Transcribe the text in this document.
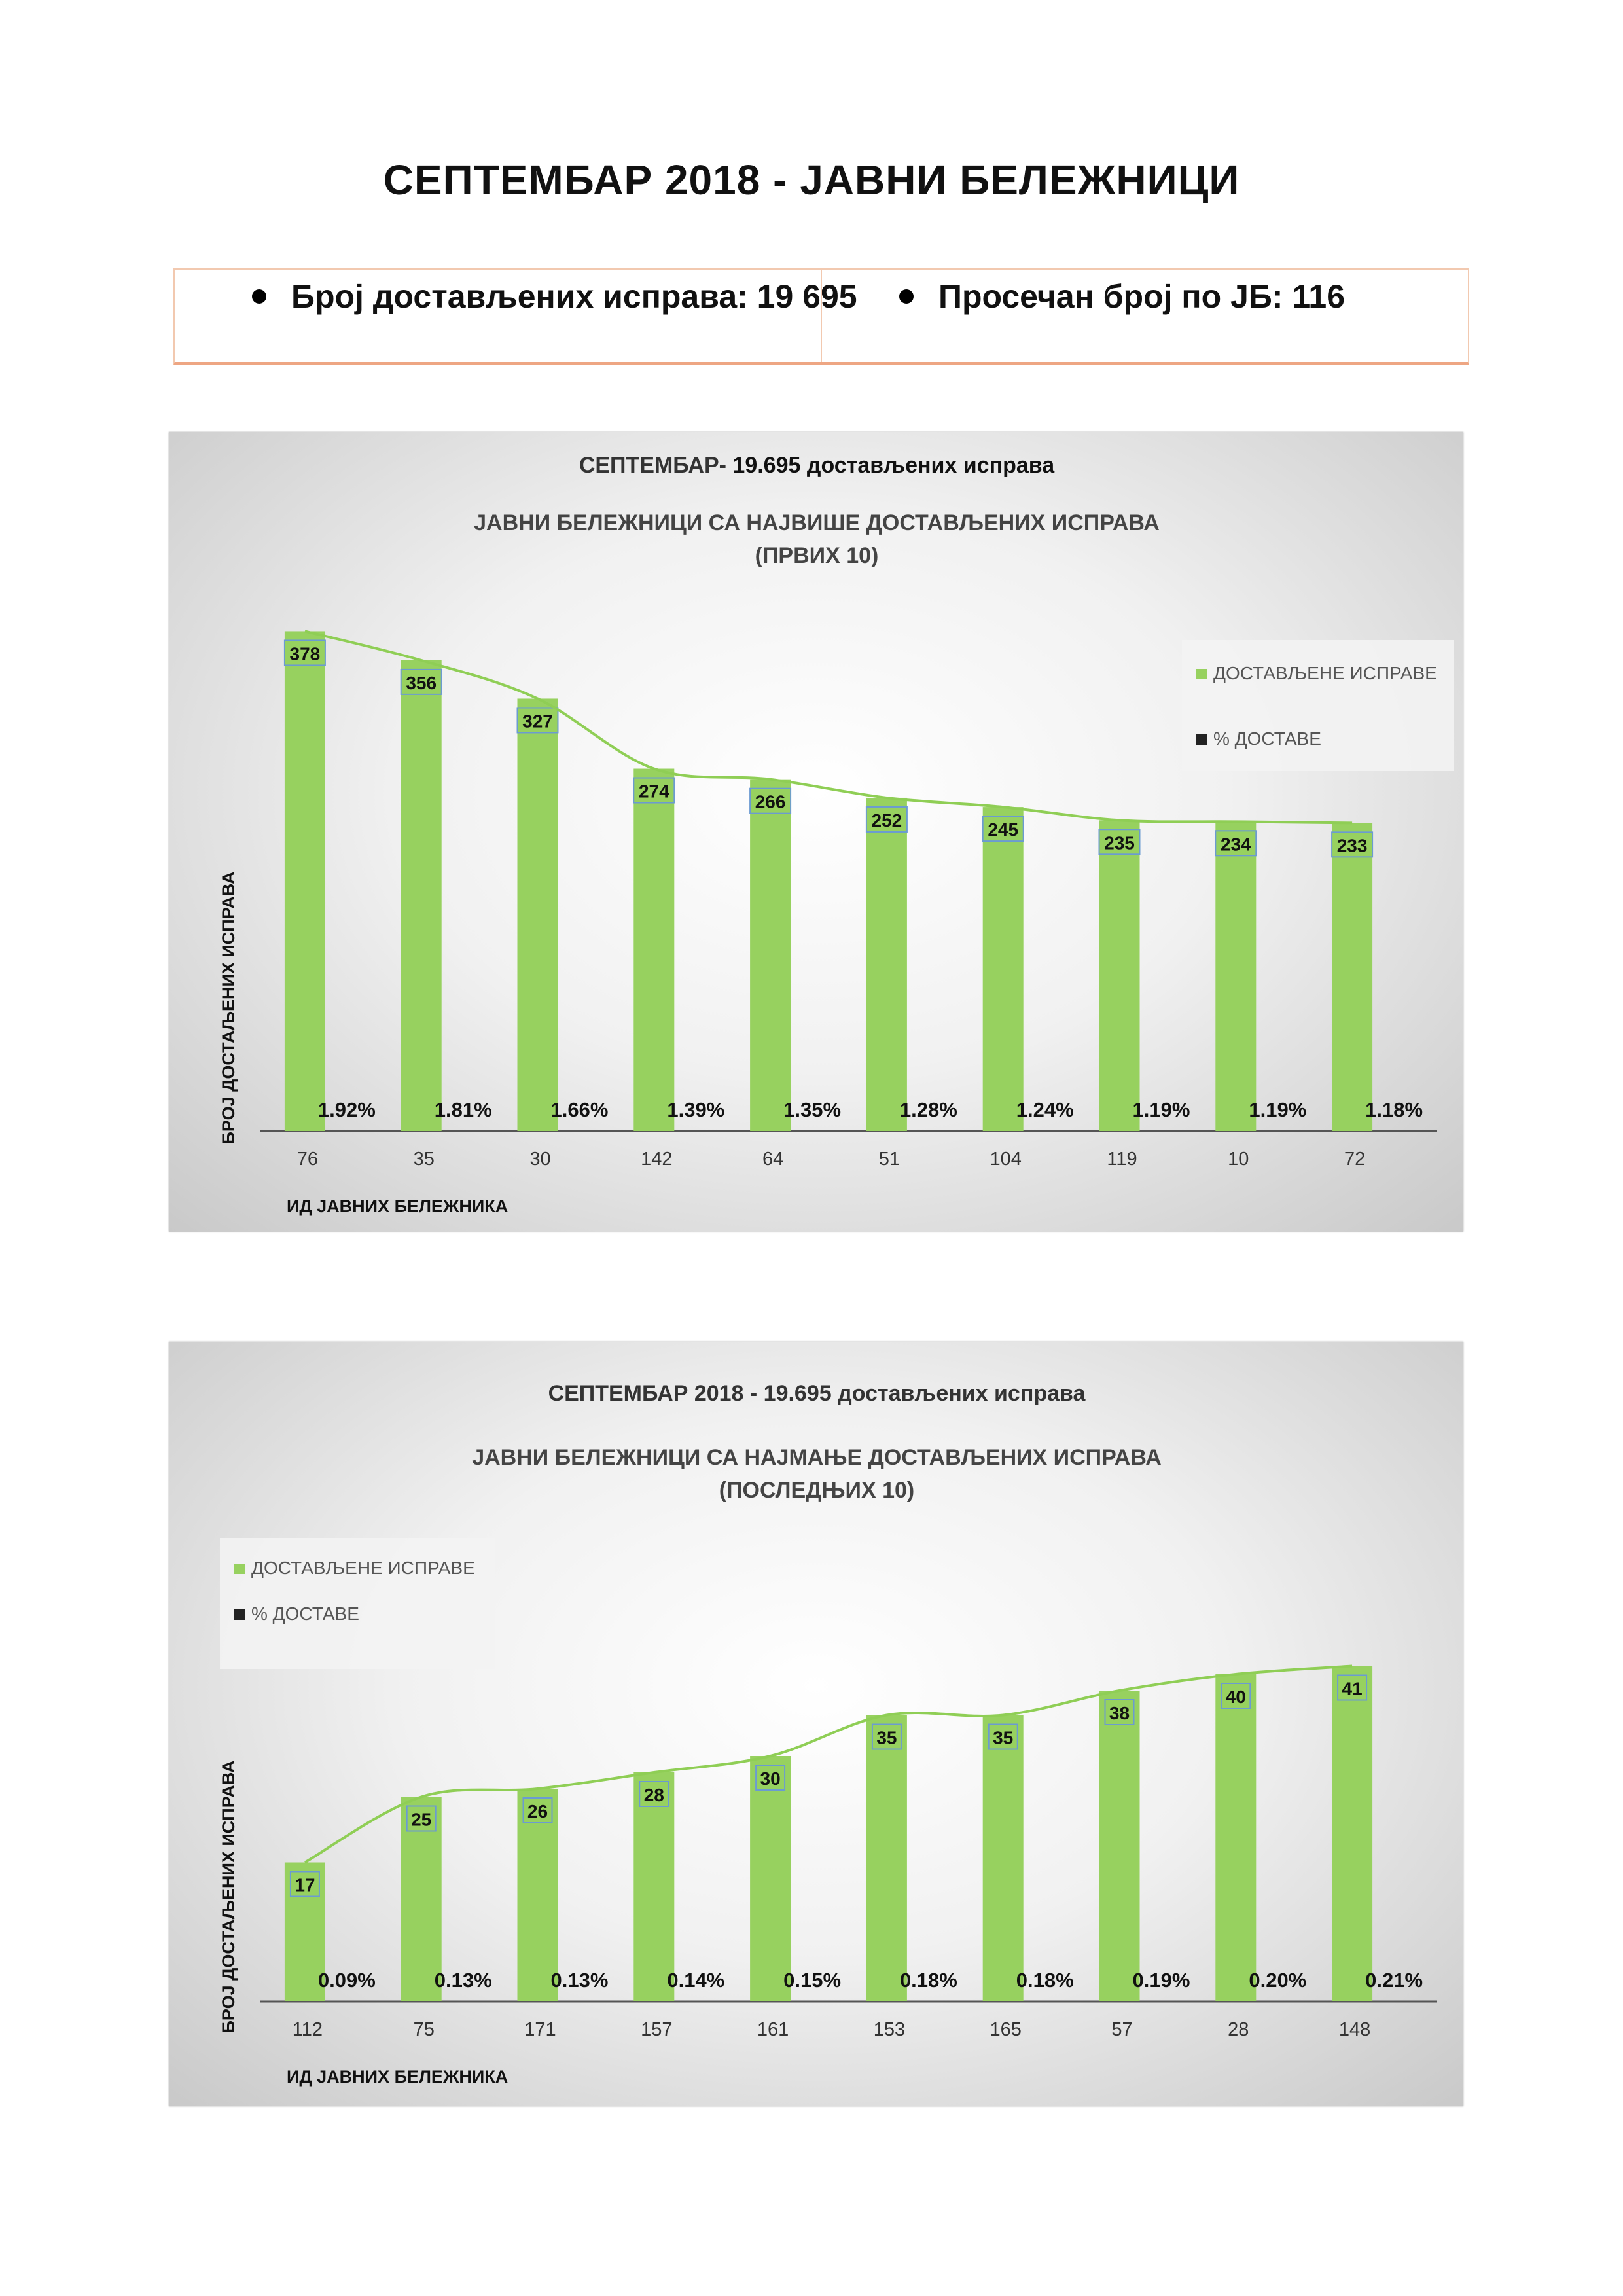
СЕПТЕМБАР 2018 - ЈАВНИ БЕЛЕЖНИЦИ
Број достављених исправа: 19 695 Просечан број по ЈБ: 116
СЕПТЕМБАР- 19.695 достављених исправа
ЈАВНИ БЕЛЕЖНИЦИ СА НАЈВИШЕ ДОСТАВЉЕНИХ ИСПРАВА
(ПРВИХ 10)
ДОСТАВЉЕНЕ ИСПРАВЕ
% ДОСТАВЕ
378
1.92%
76
356
1.81%
35
327
1.66%
30
274
1.39%
142
266
1.35%
64
252
1.28%
51
245
1.24%
104
235
1.19%
119
234
1.19%
10
233
1.18%
72
ИД ЈАВНИХ БЕЛЕЖНИКА
БРОЈ ДОСТАЉЕНИХ ИСПРАВА
СЕПТЕМБАР 2018 - 19.695 достављених исправа
ЈАВНИ БЕЛЕЖНИЦИ СА НАЈМАЊЕ ДОСТАВЉЕНИХ ИСПРАВА
(ПОСЛЕДЊИХ 10)
ДОСТАВЉЕНЕ ИСПРАВЕ
% ДОСТАВЕ
17
0.09%
112
25
0.13%
75
26
0.13%
171
28
0.14%
157
30
0.15%
161
35
0.18%
153
35
0.18%
165
38
0.19%
57
40
0.20%
28
41
0.21%
148
ИД ЈАВНИХ БЕЛЕЖНИКА
БРОЈ ДОСТАЉЕНИХ ИСПРАВА
